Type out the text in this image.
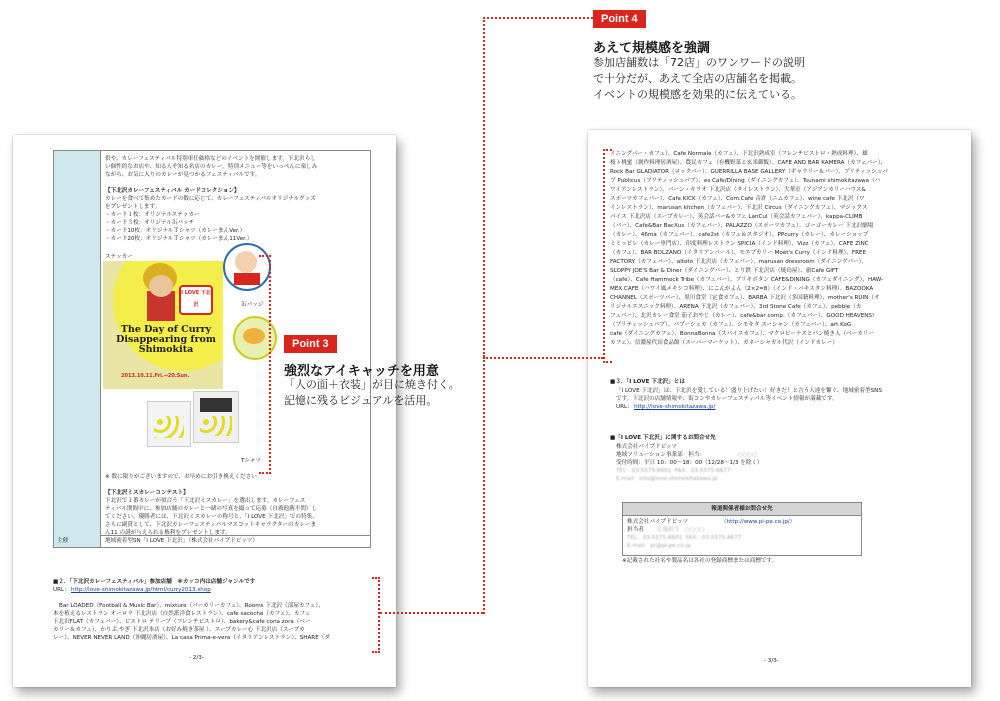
供や、カレーフェスティバル特別車任価格などのイベントを開催します。下北沢らし
い個性的なお店や、知る人ぞ知る名店のカレー。特別メニュー等をいっぺんに楽しみ
ながら、お気に入りのカレーが見つかるフェスティバルです。
【下北沢カレーフェスティバル カードコレクション】
カレーを食べて集めたカードの数に応じて、カレーフェスティバルオリジナルグッズ
をプレゼントします。
・カード１枚：オリジナルステッカー
・カード３枚：オリジナル缶バッチ
・カード10枚：オリジナルＴシャツ（カレーまんVer.）
・カード20枚：オリジナルＴシャツ（カレーまん11Ver.）
ステッカー
缶バッジ
Tシャツ
I LOVE 下北沢
The Day of Curry Disappearing from Shimokita
2013.10.11.Fri.→20.Sun.
※ 数に限りがございますので、お早めにお引き換えください
【下北沢ミスカレーコンテスト】
下北沢で１番カレーが似合う「下北沢ミスカレー」を選出します。カレーフェス
ティバル期間中に、参加店舗のカレーと一緒の写真を撮って応募（自薦他薦不問）し
てください。優勝者には、下北沢ミスカレーの称号と、「I LOVE 下北沢」での特集、
さらに副賞として、下北沢カレーフェスティバルマスコットキャラクターのカレーま
ん11 の謎が与えられる権利をプレゼントします。
主催	地域密着型SN「I LOVE 下北沢」（株式会社パイプドビッツ）
■２．「下北沢カレーフェスティバル」参加店舗　※カッコ内は店舗ジャンルです
URL： http://love-shimokitazawa.jp/html/curry2013.shop
Bar LOADED（Football & Music Bar）、mixture（バーカリーカフェ）、Rooms 下北沢（部屋カフェ）、
木を植えるレストラン オーロラ 下北沢店（自然派洋食レストラン）、cafe sacoche（カフェ）、カフェ
下北沢FLAT（カフェバー）、ビストロ テリーブ（フレンチビストロ）、bakery&cafe cona zora（ベー
カリー＆カフェ）、かりぷ.やぎ 下北沢本店（お好み焼き茶屋 ）、スープカレー心 下北沢店（スープカ
レー）、NEVER NEVER LAND（沖縄居酒屋）、La casa Prima-e-vera（イタリアンレストラン）、SHARE（ダ
- 2/3-
イニングバー・カフェ）、Cafe Normale（カフェ）、下北沢熟成室（フレンチビストロ・熟成料理）、雄
桜ト桃蜜（創作料理居酒屋）、農民カフェ（有機野菜と玄米御飯）、CAFE AND BAR KAMERA（カフェバー）、
Rock Bar GLADIATOR（ロックバー）、GUERRILLA BASE GALLERY（ギャラリー＆バー）、ブリティッシュパ
ブ Publicus（ブリティッシュパブ）、es Cafe/Dining（ダイニングカフェ）、Tsunami shimokitazawa（ハ
ワイアンレストラン）、バーン・キラオ 下北沢店（タイレストラン）、大華室（アジアンカリーハウス&
スポーツカフェバー）、Cafe KICK（カフェ）、Com.Cafe 音倉（ニムカフェ）、wine cafe 下北沢（ワ
インレストラン）、marusan kitchen（カフェバー）、下北沢 Circus（ダイニングカフェ）、マジックス
パイス 下北沢店（スープカレー）、英会話バー&カフェ LanCul（英会話カフェバー）、kappa-CLIMB
（バー）、Cafe&Bar BacXus（カフェバー）、PALAZZO（スポーツカフェ）、ゴーゴーカレー 下北沢劇場
（カレー）、46ma（カフェバー）、cafe2st（カフェ＆スタジオ）、PPcurry（カレー）、カレーショップ
ミミッピレ（カレー専門店）、印度料理レストラン SPICIA（インド料理）、Vizz（カフェ）、CAFE ZINC
（カフェ）、BAR BOLZANO（イタリアンバール）、モエブカリー Moet's Curry（インド料理）、FREE
FACTORY（カフェバー）、altoto 下北沢店（カフェバー）、marusan dressroom（ダイニングバー）、
SLOPPY JOE'S Bar & Diner（ダイニングバー）、とり鉄 下北沢店（焼鳥屋）、旅Cafe GIFT
（cafe）、Cafe Hammock Tribe（カフェバー）、ブリキボタン CAFE&DINING（カフェダイニング）、HAW-
MEX CAFE（ハワイ風メキシコ料理）、にこんがよん（2×2=8）（インド・パキスタン料理）、BAZOOKA
CHANNEL（スポーツバー）、黒川食堂（定食カフェ）、BARBA 下北沢（多国籍料理）、mother's RUIN（オ
リジナルエスニック料理）、ARENA 下北沢（カフェバー）、3rd Stone Cafe（カフェ）、pebble（カ
フェバー）、北沢カレー食堂 茄子おやじ（カレー）、cafe&bar comp.（カフェバー）、GOOD HEAVENS!
（ブリティッシュパブ）、パブーシュカ（カフェ）、シモキタ スーシャン（カフェバー）、art KoG
cafe（ダイニングカフェ）、BonnaBonna（スパイスカフェ）、マクロビーナスとパン焼き人（ベーカリー
カフェ）、信濃屋代田食品館（スーパーマーケット）、ガネーシャガル代沢（インドカレー）
■３．「I LOVE 下北沢」とは
「I LOVE 下北沢」は、下北沢を愛している！盛り上げたい！好きだ！と言う人達を繋ぐ、地域密着型SNS
です。下北沢の店舗情報や、街コンやカレーフェスティバル等イベント情報が満載です。
URL： http://love-shimokitazawa.jp/
■「I LOVE 下北沢」に関するお問合せ先
株式会社パイプドビッツ
地域ソリューション事業部　担当：	○○○○
受付時間：平日 10：00〜18：00（12/28〜1/3 を除く）
TEL：03-5575-6601  FAX：03-5575-6677
E-mail：info@love-shimokitazawa.jp
報道関係者様お問合せ先
株式会社パイプドビッツ	（http://www.pi-pe.co.jp/）
担当者 広報担当　○○○○
TEL：03-5575-6601  FAX：03-5575-6677
E-mail：pr@pi-pe.co.jp
※記載された社名や製品名は各社の登録商標または商標です。
- 3/3-
Point 4
あえて規模感を強調
参加店舗数は「72店」のワンワードの説明
で十分だが、あえて全店の店舗名を掲載。
イベントの規模感を効果的に伝えている。
Point 3
強烈なアイキャッチを用意
「人の面＋衣装」が目に焼き付く。
記憶に残るビジュアルを活用。
